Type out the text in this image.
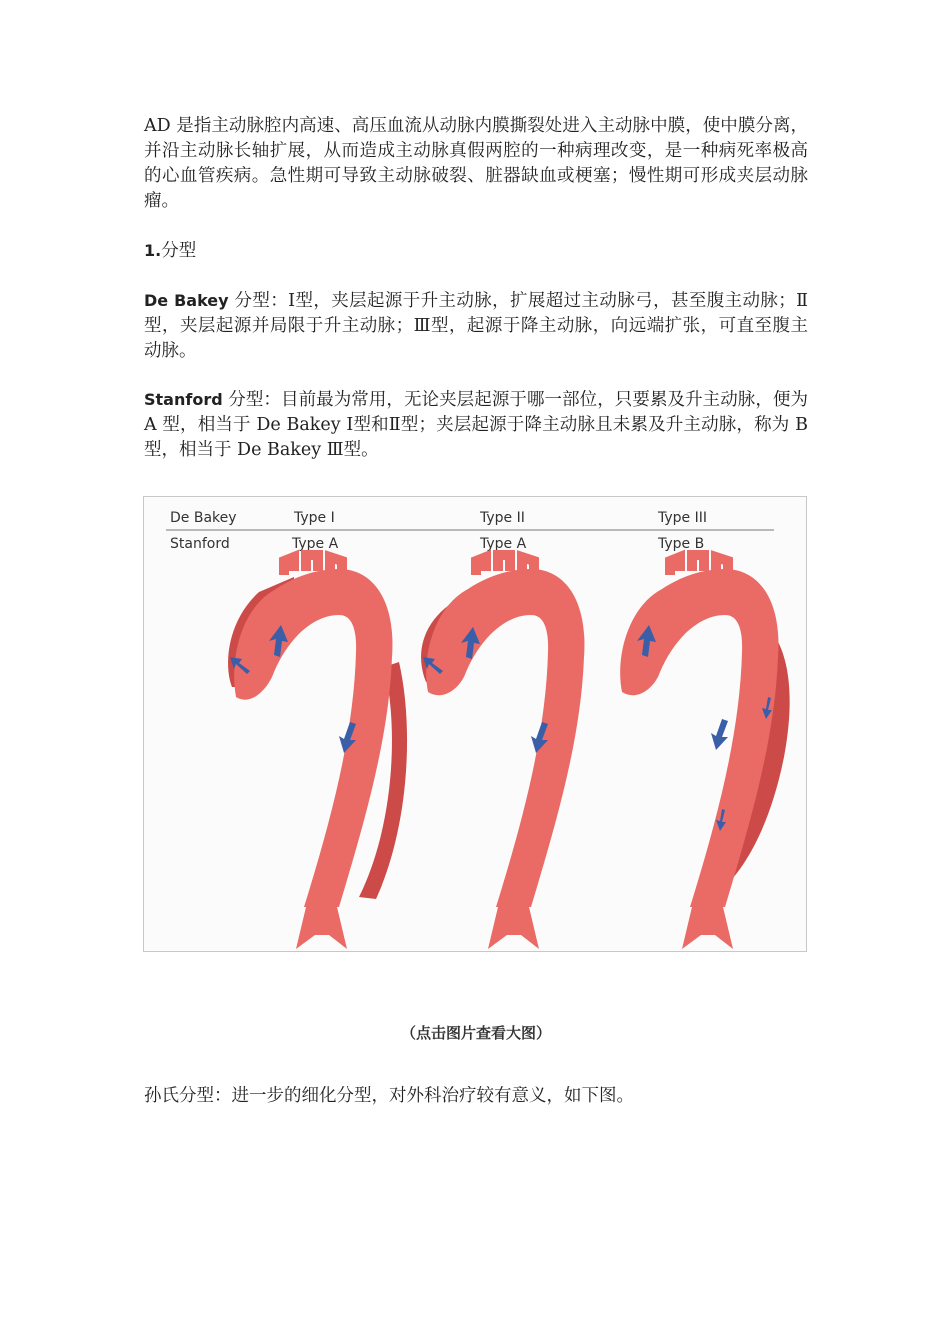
AD 是指主动脉腔内高速、高压血流从动脉内膜撕裂处进入主动脉中膜，使中膜分离，并沿主动脉长轴扩展，从而造成主动脉真假两腔的一种病理改变，是一种病死率极高的心血管疾病。急性期可导致主动脉破裂、脏器缺血或梗塞；慢性期可形成夹层动脉瘤。

1.分型

De Bakey 分型：Ⅰ型，夹层起源于升主动脉，扩展超过主动脉弓，甚至腹主动脉；Ⅱ型，夹层起源并局限于升主动脉；Ⅲ型，起源于降主动脉，向远端扩张，可直至腹主动脉。

Stanford 分型：目前最为常用，无论夹层起源于哪一部位，只要累及升主动脉，便为 A 型，相当于 De Bakey Ⅰ型和Ⅱ型；夹层起源于降主动脉且未累及升主动脉，称为 B 型，相当于 De Bakey Ⅲ型。

De Bakey
Stanford
Type I
Type A
Type II
Type A
Type III
Type B
（点击图片查看大图）

孙氏分型：进一步的细化分型，对外科治疗较有意义，如下图。
